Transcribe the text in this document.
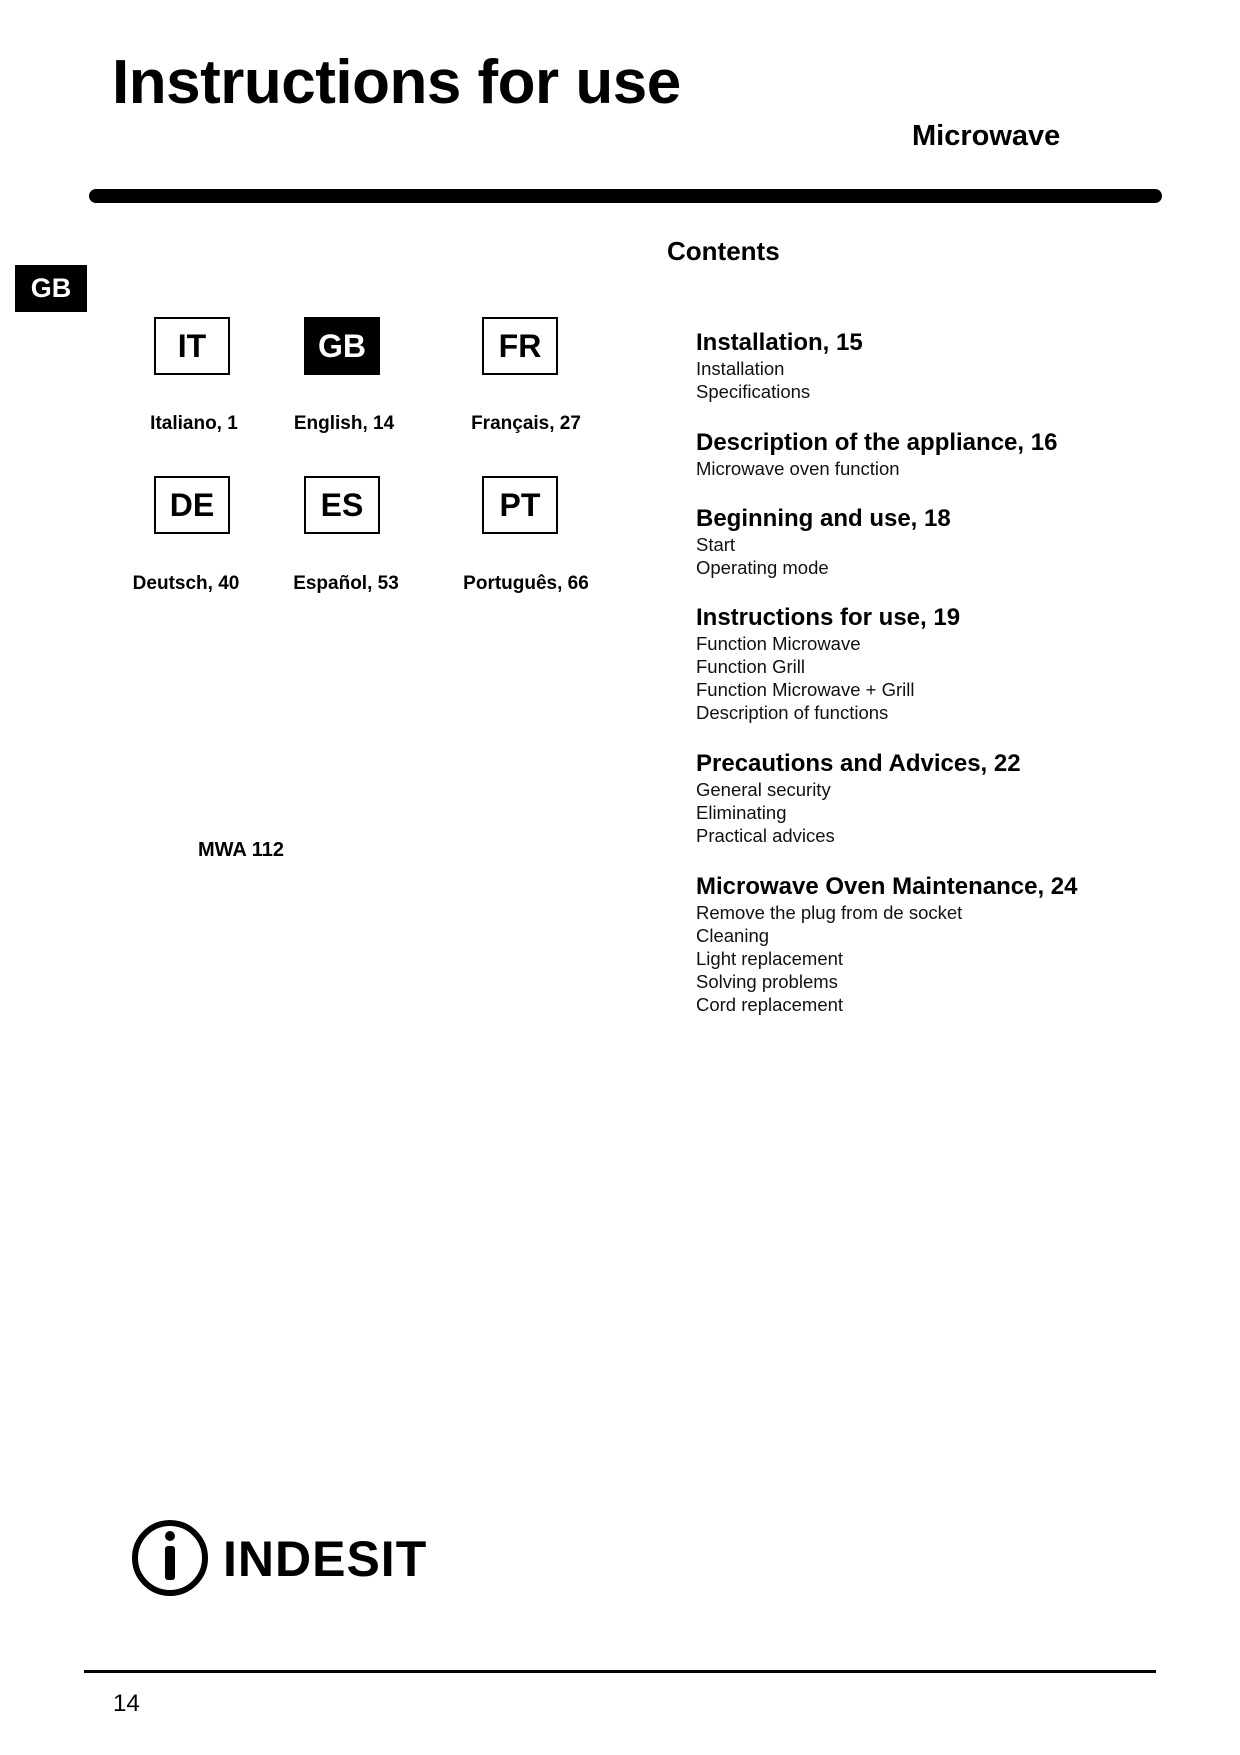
Instructions for use
Microwave
GB
IT	GB	FR
Italiano, 1	English, 14	Français, 27
DE	ES	PT
Deutsch, 40	Español, 53	Português, 66
MWA 112
Contents
Installation, 15
Installation
Specifications
Description of the appliance, 16
Microwave oven function
Beginning and use, 18
Start
Operating mode
Instructions for use, 19
Function Microwave
Function Grill
Function Microwave + Grill
Description of functions
Precautions and Advices, 22
General security
Eliminating
Practical advices
Microwave Oven Maintenance, 24
Remove the plug from de socket
Cleaning
Light replacement
Solving problems
Cord replacement
INDESIT
14
